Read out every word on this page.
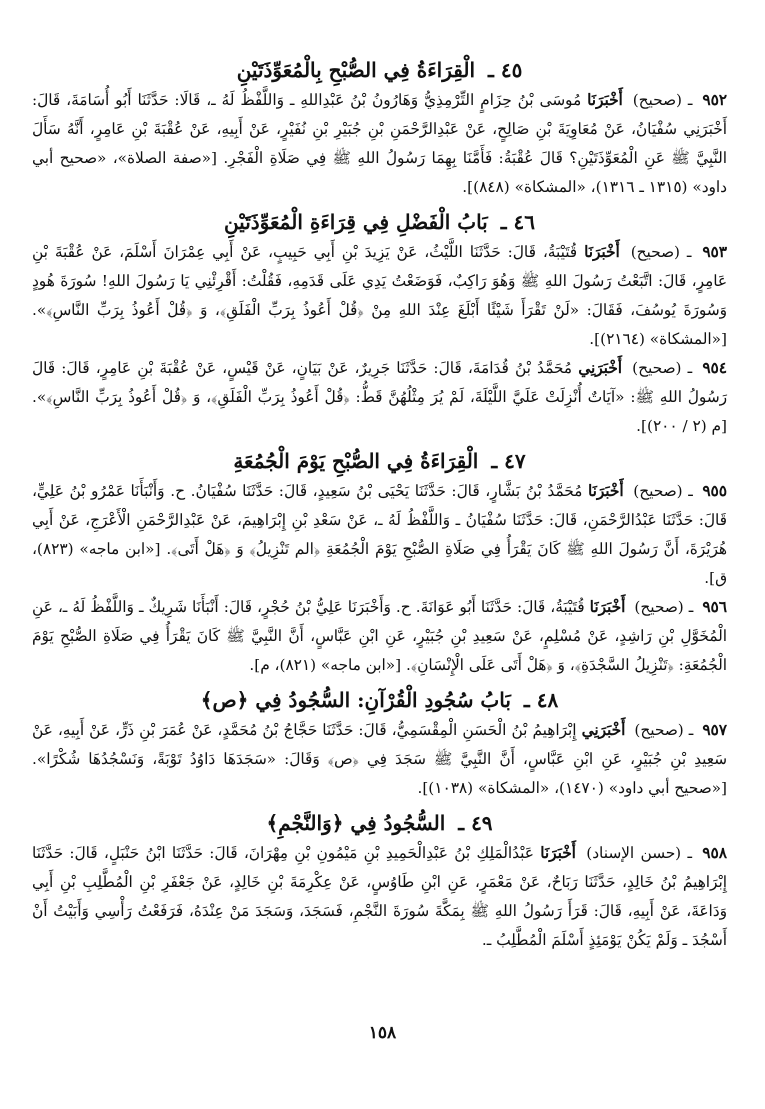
٤٥ ـ الْقِرَاءَةُ فِي الصُّبْحِ بِالْمُعَوِّذَتَيْنِ

٩٥٢ ـ (صحيح) أَخْبَرَنَا مُوسَى بْنُ حِزَامٍ التِّرْمِذِيُّ وَهَارُونُ بْنُ عَبْدِاللهِ ـ وَاللَّفْظُ لَهُ ـ، قَالَا: حَدَّثَنَا أَبُو أُسَامَةَ، قَالَ: أَخْبَرَنِي سُفْيَانُ، عَنْ مُعَاوِيَةَ بْنِ صَالِحٍ، عَنْ عَبْدِالرَّحْمَنِ بْنِ جُبَيْرِ بْنِ نُفَيْرٍ، عَنْ أَبِيهِ، عَنْ عُقْبَةَ بْنِ عَامِرٍ، أَنَّهُ سَأَلَ النَّبِيَّ ﷺ عَنِ الْمُعَوِّذَتَيْنِ؟ قَالَ عُقْبَةُ: فَأَمَّنَا بِهِمَا رَسُولُ اللهِ ﷺ فِي صَلَاةِ الْفَجْرِ. [«صفة الصلاة»، «صحيح أبي داود» (١٣١٥ ـ ١٣١٦)، «المشكاة» (٨٤٨)].

٤٦ ـ بَابُ الْفَضْلِ فِي قِرَاءَةِ الْمُعَوِّذَتَيْنِ

٩٥٣ ـ (صحيح) أَخْبَرَنَا قُتَيْبَةُ، قَالَ: حَدَّثَنَا اللَّيْثُ، عَنْ يَزِيدَ بْنِ أَبِي حَبِيبٍ، عَنْ أَبِي عِمْرَانَ أَسْلَمَ، عَنْ عُقْبَةَ بْنِ عَامِرٍ، قَالَ: اتَّبَعْتُ رَسُولَ اللهِ ﷺ وَهُوَ رَاكِبٌ، فَوَضَعْتُ يَدِي عَلَى قَدَمِهِ، فَقُلْتُ: أَقْرِئْنِي يَا رَسُولَ اللهِ! سُورَةَ هُودٍ وَسُورَةَ يُوسُفَ، فَقَالَ: «لَنْ تَقْرَأَ شَيْئًا أَبْلَغَ عِنْدَ اللهِ مِنْ ﴿قُلْ أَعُوذُ بِرَبِّ الْفَلَقِ﴾، وَ ﴿قُلْ أَعُوذُ بِرَبِّ النَّاسِ﴾». [«المشكاة» (٢١٦٤)].

٩٥٤ ـ (صحيح) أَخْبَرَنِي مُحَمَّدُ بْنُ قُدَامَةَ، قَالَ: حَدَّثَنَا جَرِيرٌ، عَنْ بَيَانٍ، عَنْ قَيْسٍ، عَنْ عُقْبَةَ بْنِ عَامِرٍ، قَالَ: قَالَ رَسُولُ اللهِ ﷺ: «آيَاتٌ أُنْزِلَتْ عَلَيَّ اللَّيْلَةَ، لَمْ يُرَ مِثْلُهُنَّ قَطُّ: ﴿قُلْ أَعُوذُ بِرَبِّ الْفَلَقِ﴾، وَ ﴿قُلْ أَعُوذُ بِرَبِّ النَّاسِ﴾». [م (٢ / ٢٠٠)].

٤٧ ـ الْقِرَاءَةُ فِي الصُّبْحِ يَوْمَ الْجُمُعَةِ

٩٥٥ ـ (صحيح) أَخْبَرَنَا مُحَمَّدُ بْنُ بَشَّارٍ، قَالَ: حَدَّثَنَا يَحْيَى بْنُ سَعِيدٍ، قَالَ: حَدَّثَنَا سُفْيَانُ. ح. وَأَنْبَأَنَا عَمْرُو بْنُ عَلِيٍّ، قَالَ: حَدَّثَنَا عَبْدُالرَّحْمَنِ، قَالَ: حَدَّثَنَا سُفْيَانُ ـ وَاللَّفْظُ لَهُ ـ، عَنْ سَعْدِ بْنِ إِبْرَاهِيمَ، عَنْ عَبْدِالرَّحْمَنِ الْأَعْرَجِ، عَنْ أَبِي هُرَيْرَةَ، أَنَّ رَسُولَ اللهِ ﷺ كَانَ يَقْرَأُ فِي صَلَاةِ الصُّبْحِ يَوْمَ الْجُمُعَةِ ﴿الم تَنْزِيلُ﴾ وَ ﴿هَلْ أَتَى﴾. [«ابن ماجه» (٨٢٣)، ق].

٩٥٦ ـ (صحيح) أَخْبَرَنَا قُتَيْبَةُ، قَالَ: حَدَّثَنَا أَبُو عَوَانَةَ. ح. وَأَخْبَرَنَا عَلِيُّ بْنُ حُجْرٍ، قَالَ: أَنْبَأَنَا شَرِيكٌ ـ وَاللَّفْظُ لَهُ ـ، عَنِ الْمُخَوَّلِ بْنِ رَاشِدٍ، عَنْ مُسْلِمٍ، عَنْ سَعِيدِ بْنِ جُبَيْرٍ، عَنِ ابْنِ عَبَّاسٍ، أَنَّ النَّبِيَّ ﷺ كَانَ يَقْرَأُ فِي صَلَاةِ الصُّبْحِ يَوْمَ الْجُمُعَةِ: ﴿تَنْزِيلُ السَّجْدَةِ﴾، وَ ﴿هَلْ أَتَى عَلَى الْإِنْسَانِ﴾. [«ابن ماجه» (٨٢١)، م].

٤٨ ـ بَابُ سُجُودِ الْقُرْآنِ: السُّجُودُ فِي ﴿ص﴾

٩٥٧ ـ (صحيح) أَخْبَرَنِي إِبْرَاهِيمُ بْنُ الْحَسَنِ الْمِقْسَمِيُّ، قَالَ: حَدَّثَنَا حَجَّاجُ بْنُ مُحَمَّدٍ، عَنْ عُمَرَ بْنِ ذَرٍّ، عَنْ أَبِيهِ، عَنْ سَعِيدِ بْنِ جُبَيْرٍ، عَنِ ابْنِ عَبَّاسٍ، أَنَّ النَّبِيَّ ﷺ سَجَدَ فِي ﴿ص﴾ وَقَالَ: «سَجَدَهَا دَاوُدُ تَوْبَةً، وَنَسْجُدُهَا شُكْرًا». [«صحيح أبي داود» (١٤٧٠)، «المشكاة» (١٠٣٨)].

٤٩ ـ السُّجُودُ فِي ﴿وَالنَّجْمِ﴾

٩٥٨ ـ (حسن الإسناد) أَخْبَرَنَا عَبْدُالْمَلِكِ بْنُ عَبْدِالْحَمِيدِ بْنِ مَيْمُونِ بْنِ مِهْرَانَ، قَالَ: حَدَّثَنَا ابْنُ حَنْبَلٍ، قَالَ: حَدَّثَنَا إِبْرَاهِيمُ بْنُ خَالِدٍ، حَدَّثَنَا رَبَاحٌ، عَنْ مَعْمَرٍ، عَنِ ابْنِ طَاوُسٍ، عَنْ عِكْرِمَةَ بْنِ خَالِدٍ، عَنْ جَعْفَرِ بْنِ الْمُطَّلِبِ بْنِ أَبِي وَدَاعَةَ، عَنْ أَبِيهِ، قَالَ: قَرَأَ رَسُولُ اللهِ ﷺ بِمَكَّةَ سُورَةَ النَّجْمِ، فَسَجَدَ، وَسَجَدَ مَنْ عِنْدَهُ، فَرَفَعْتُ رَأْسِي وَأَبَيْتُ أَنْ أَسْجُدَ ـ وَلَمْ يَكُنْ يَوْمَئِذٍ أَسْلَمَ الْمُطَّلِبُ ـ.

١٥٨
